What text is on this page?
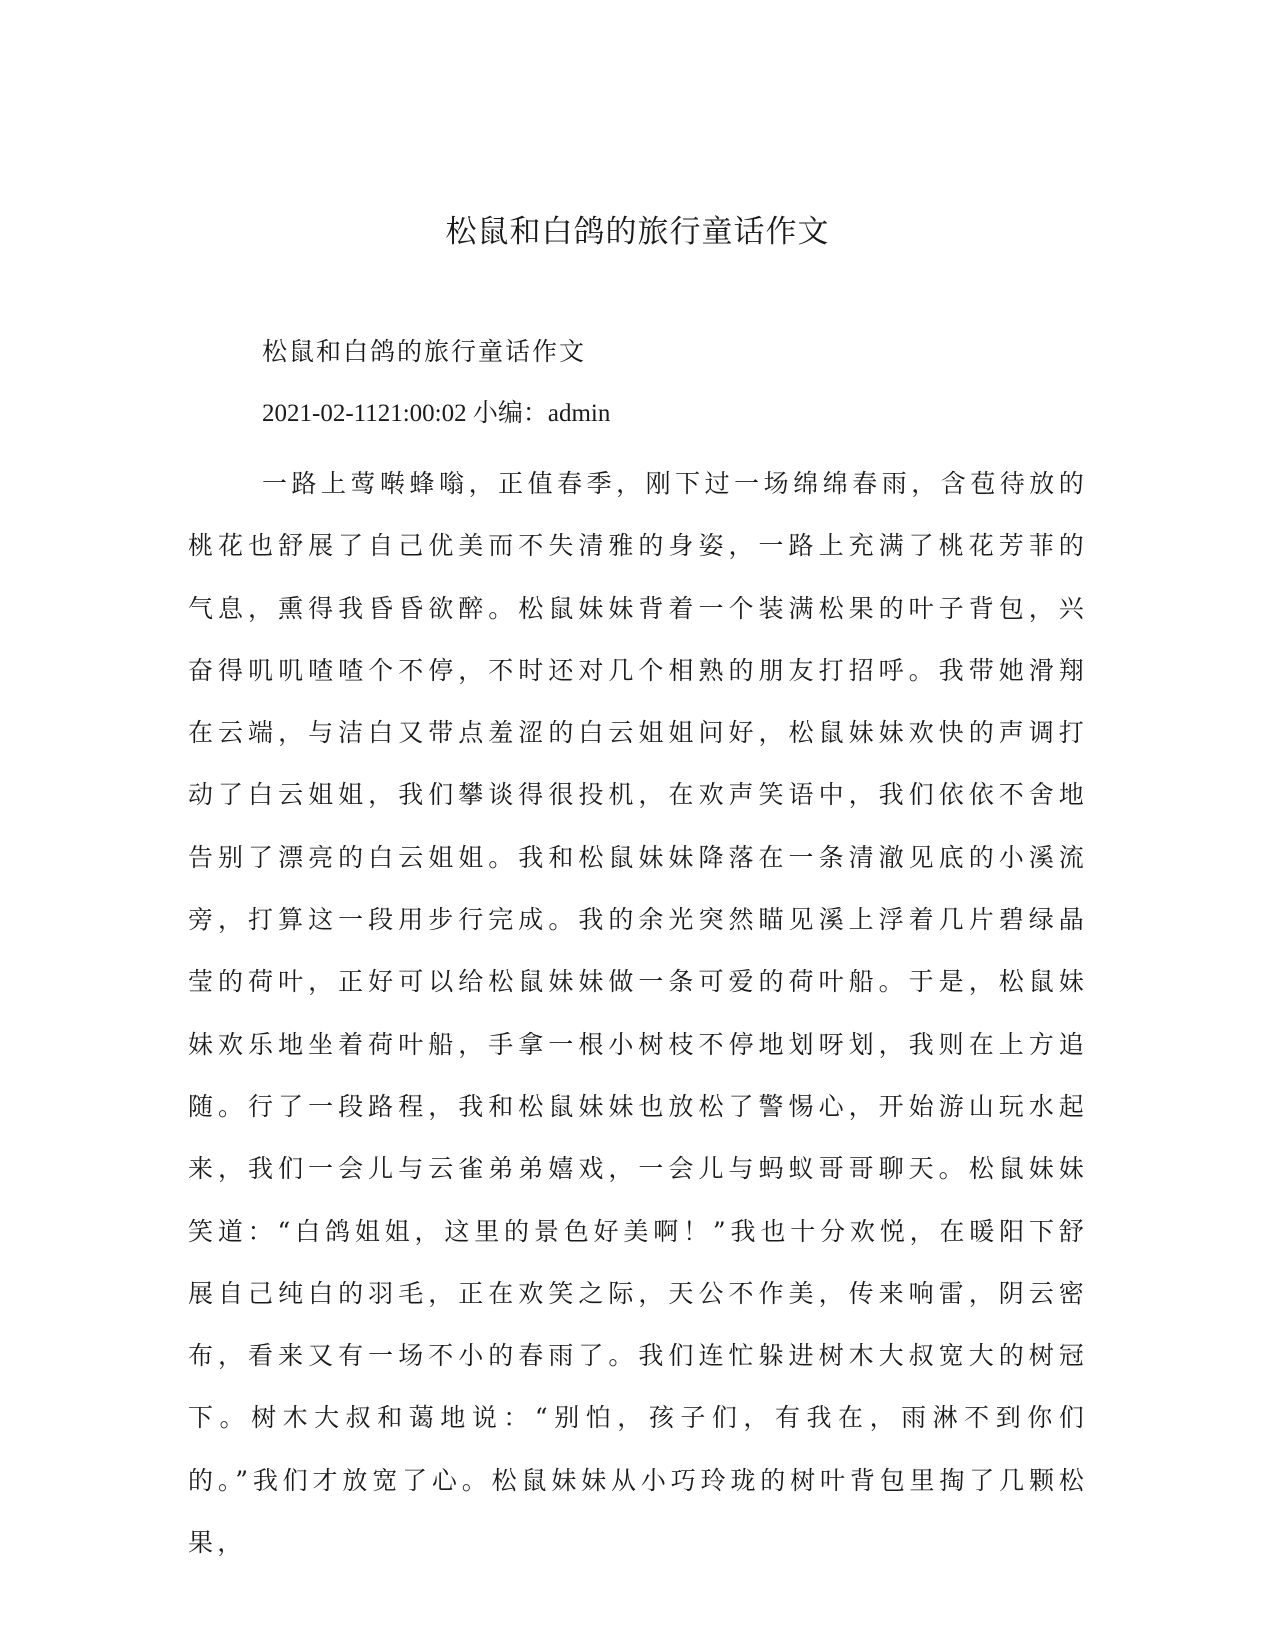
松鼠和白鸽的旅行童话作文

松鼠和白鸽的旅行童话作文

2021-02-1121:00:02 小编：admin

一路上莺啭蜂嗡，正值春季，刚下过一场绵绵春雨，含苞待放的桃花也舒展了自己优美而不失清雅的身姿，一路上充满了桃花芳菲的气息，熏得我昏昏欲醉。松鼠妹妹背着一个装满松果的叶子背包，兴奋得叽叽喳喳个不停，不时还对几个相熟的朋友打招呼。我带她滑翔在云端，与洁白又带点羞涩的白云姐姐问好，松鼠妹妹欢快的声调打动了白云姐姐，我们攀谈得很投机，在欢声笑语中，我们依依不舍地告别了漂亮的白云姐姐。我和松鼠妹妹降落在一条清澈见底的小溪流旁，打算这一段用步行完成。我的余光突然瞄见溪上浮着几片碧绿晶莹的荷叶，正好可以给松鼠妹妹做一条可爱的荷叶船。于是，松鼠妹妹欢乐地坐着荷叶船，手拿一根小树枝不停地划呀划，我则在上方追随。行了一段路程，我和松鼠妹妹也放松了警惕心，开始游山玩水起来，我们一会儿与云雀弟弟嬉戏，一会儿与蚂蚁哥哥聊天。松鼠妹妹笑道：“白鸽姐姐，这里的景色好美啊！”我也十分欢悦，在暖阳下舒展自己纯白的羽毛，正在欢笑之际，天公不作美，传来响雷，阴云密布，看来又有一场不小的春雨了。我们连忙躲进树木大叔宽大的树冠下。树木大叔和蔼地说：“别怕，孩子们，有我在，雨淋不到你们的。”我们才放宽了心。松鼠妹妹从小巧玲珑的树叶背包里掏了几颗松果，
